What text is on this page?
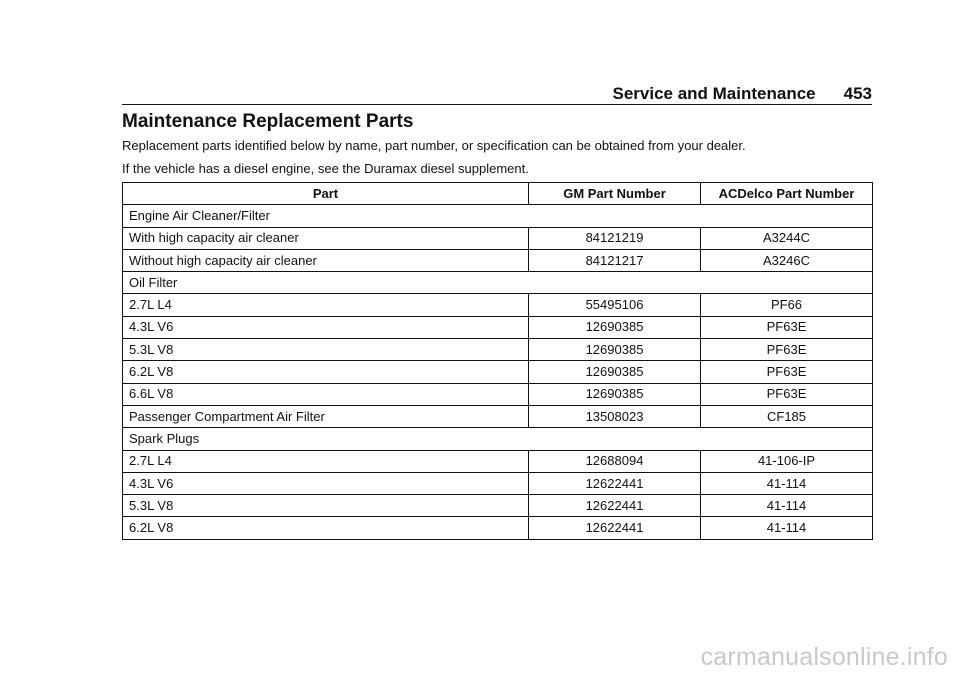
Service and Maintenance 453
Maintenance Replacement Parts

Replacement parts identified below by name, part number, or specification can be obtained from your dealer.

If the vehicle has a diesel engine, see the Duramax diesel supplement.

Part	GM Part Number	ACDelco Part Number
Engine Air Cleaner/Filter		
With high capacity air cleaner	84121219	A3244C
Without high capacity air cleaner	84121217	A3246C
Oil Filter		
2.7L L4	55495106	PF66
4.3L V6	12690385	PF63E
5.3L V8	12690385	PF63E
6.2L V8	12690385	PF63E
6.6L V8	12690385	PF63E
Passenger Compartment Air Filter	13508023	CF185
Spark Plugs		
2.7L L4	12688094	41-106-IP
4.3L V6	12622441	41-114
5.3L V8	12622441	41-114
6.2L V8	12622441	41-114
carmanualsonline.info
